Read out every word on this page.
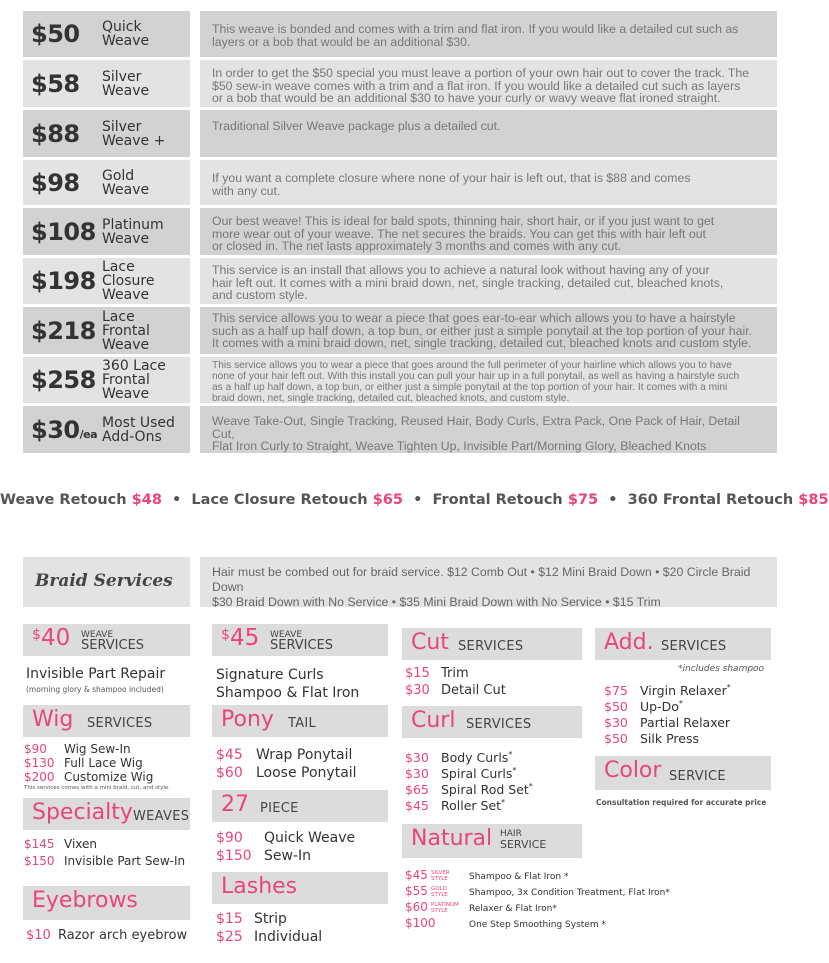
$50 Quick
Weave
This weave is bonded and comes with a trim and flat iron. If you would like a detailed cut such as
layers or a bob that would be an additional $30.
$58 Silver
Weave
In order to get the $50 special you must leave a portion of your own hair out to cover the track. The
$50 sew-in weave comes with a trim and a flat iron. If you would like a detailed cut such as layers
or a bob that would be an additional $30 to have your curly or wavy weave flat ironed straight.
$88 Silver
Weave +
Traditional Silver Weave package plus a detailed cut.
$98 Gold
Weave
If you want a complete closure where none of your hair is left out, that is $88 and comes
with any cut.
$108 Platinum
Weave
Our best weave! This is ideal for bald spots, thinning hair, short hair, or if you just want to get
more wear out of your weave. The net secures the braids. You can get this with hair left out
or closed in. The net lasts approximately 3 months and comes with any cut.
$198 Lace
Closure
Weave
This service is an install that allows you to achieve a natural look without having any of your
hair left out. It comes with a mini braid down, net, single tracking, detailed cut, bleached knots,
and custom style.
$218 Lace
Frontal
Weave
This service allows you to wear a piece that goes ear-to-ear which allows you to have a hairstyle
such as a half up half down, a top bun, or either just a simple ponytail at the top portion of your hair.
It comes with a mini braid down, net, single tracking, detailed cut, bleached knots and custom style.
$258 360 Lace
Frontal
Weave
This service allows you to wear a piece that goes around the full perimeter of your hairline which allows you to have
none of your hair left out. With this install you can pull your hair up in a full ponytail, as well as having a hairstyle such
as a half up half down, a top bun, or either just a simple ponytail at the top portion of your hair. It comes with a mini
braid down, net, single tracking, detailed cut, bleached knots, and custom style.
$30/ea
Most Used
Add-Ons
Weave Take-Out, Single Tracking, Reused Hair, Body Curls, Extra Pack, One Pack of Hair, Detail Cut,
Flat Iron Curly to Straight, Weave Tighten Up, Invisible Part/Morning Glory, Bleached Knots
Weave Retouch $48 • Lace Closure Retouch $65 • Frontal Retouch $75 • 360 Frontal Retouch $85
Braid Services	Hair must be combed out for braid service. $12 Comb Out • $12 Mini Braid Down • $20 Circle Braid Down
$30 Braid Down with No Service • $35 Mini Braid Down with No Service • $15 Trim
$ 40 WEAVE
SERVICES
Invisible Part Repair
(morning glory & shampoo included)
Wig SERVICES
$90 Wig Sew-In
$130 Full Lace Wig
$200 Customize Wig
This services comes with a mini braid, cut, and style.
Specialty WEAVES
$145 Vixen
$150 Invisible Part Sew-In
Eyebrows
$10 Razor arch eyebrow
$ 45 WEAVE
SERVICES
Signature Curls
Shampoo & Flat Iron
Pony TAIL
$45 Wrap Ponytail
$60 Loose Ponytail
27 PIECE
$90 Quick Weave
$150 Sew-In
Lashes
$15 Strip
$25 Individual
Cut SERVICES
$15 Trim
$30 Detail Cut
Curl SERVICES
$30 Body Curls*
$30 Spiral Curls*
$65 Spiral Rod Set*
$45 Roller Set*
Natural HAIR
SERVICE
$45 SILVER
STYLE Shampoo & Flat Iron *
$55 GOLD
STYLE Shampoo, 3x Condition Treatment, Flat Iron*
$60 PLATINUM
STYLE Relaxer & Flat Iron*
$100	One Step Smoothing System *
Add. SERVICES
*includes shampoo
$75 Virgin Relaxer*
$50 Up-Do*
$30 Partial Relaxer
$50 Silk Press
Color SERVICE
Consultation required for accurate price
